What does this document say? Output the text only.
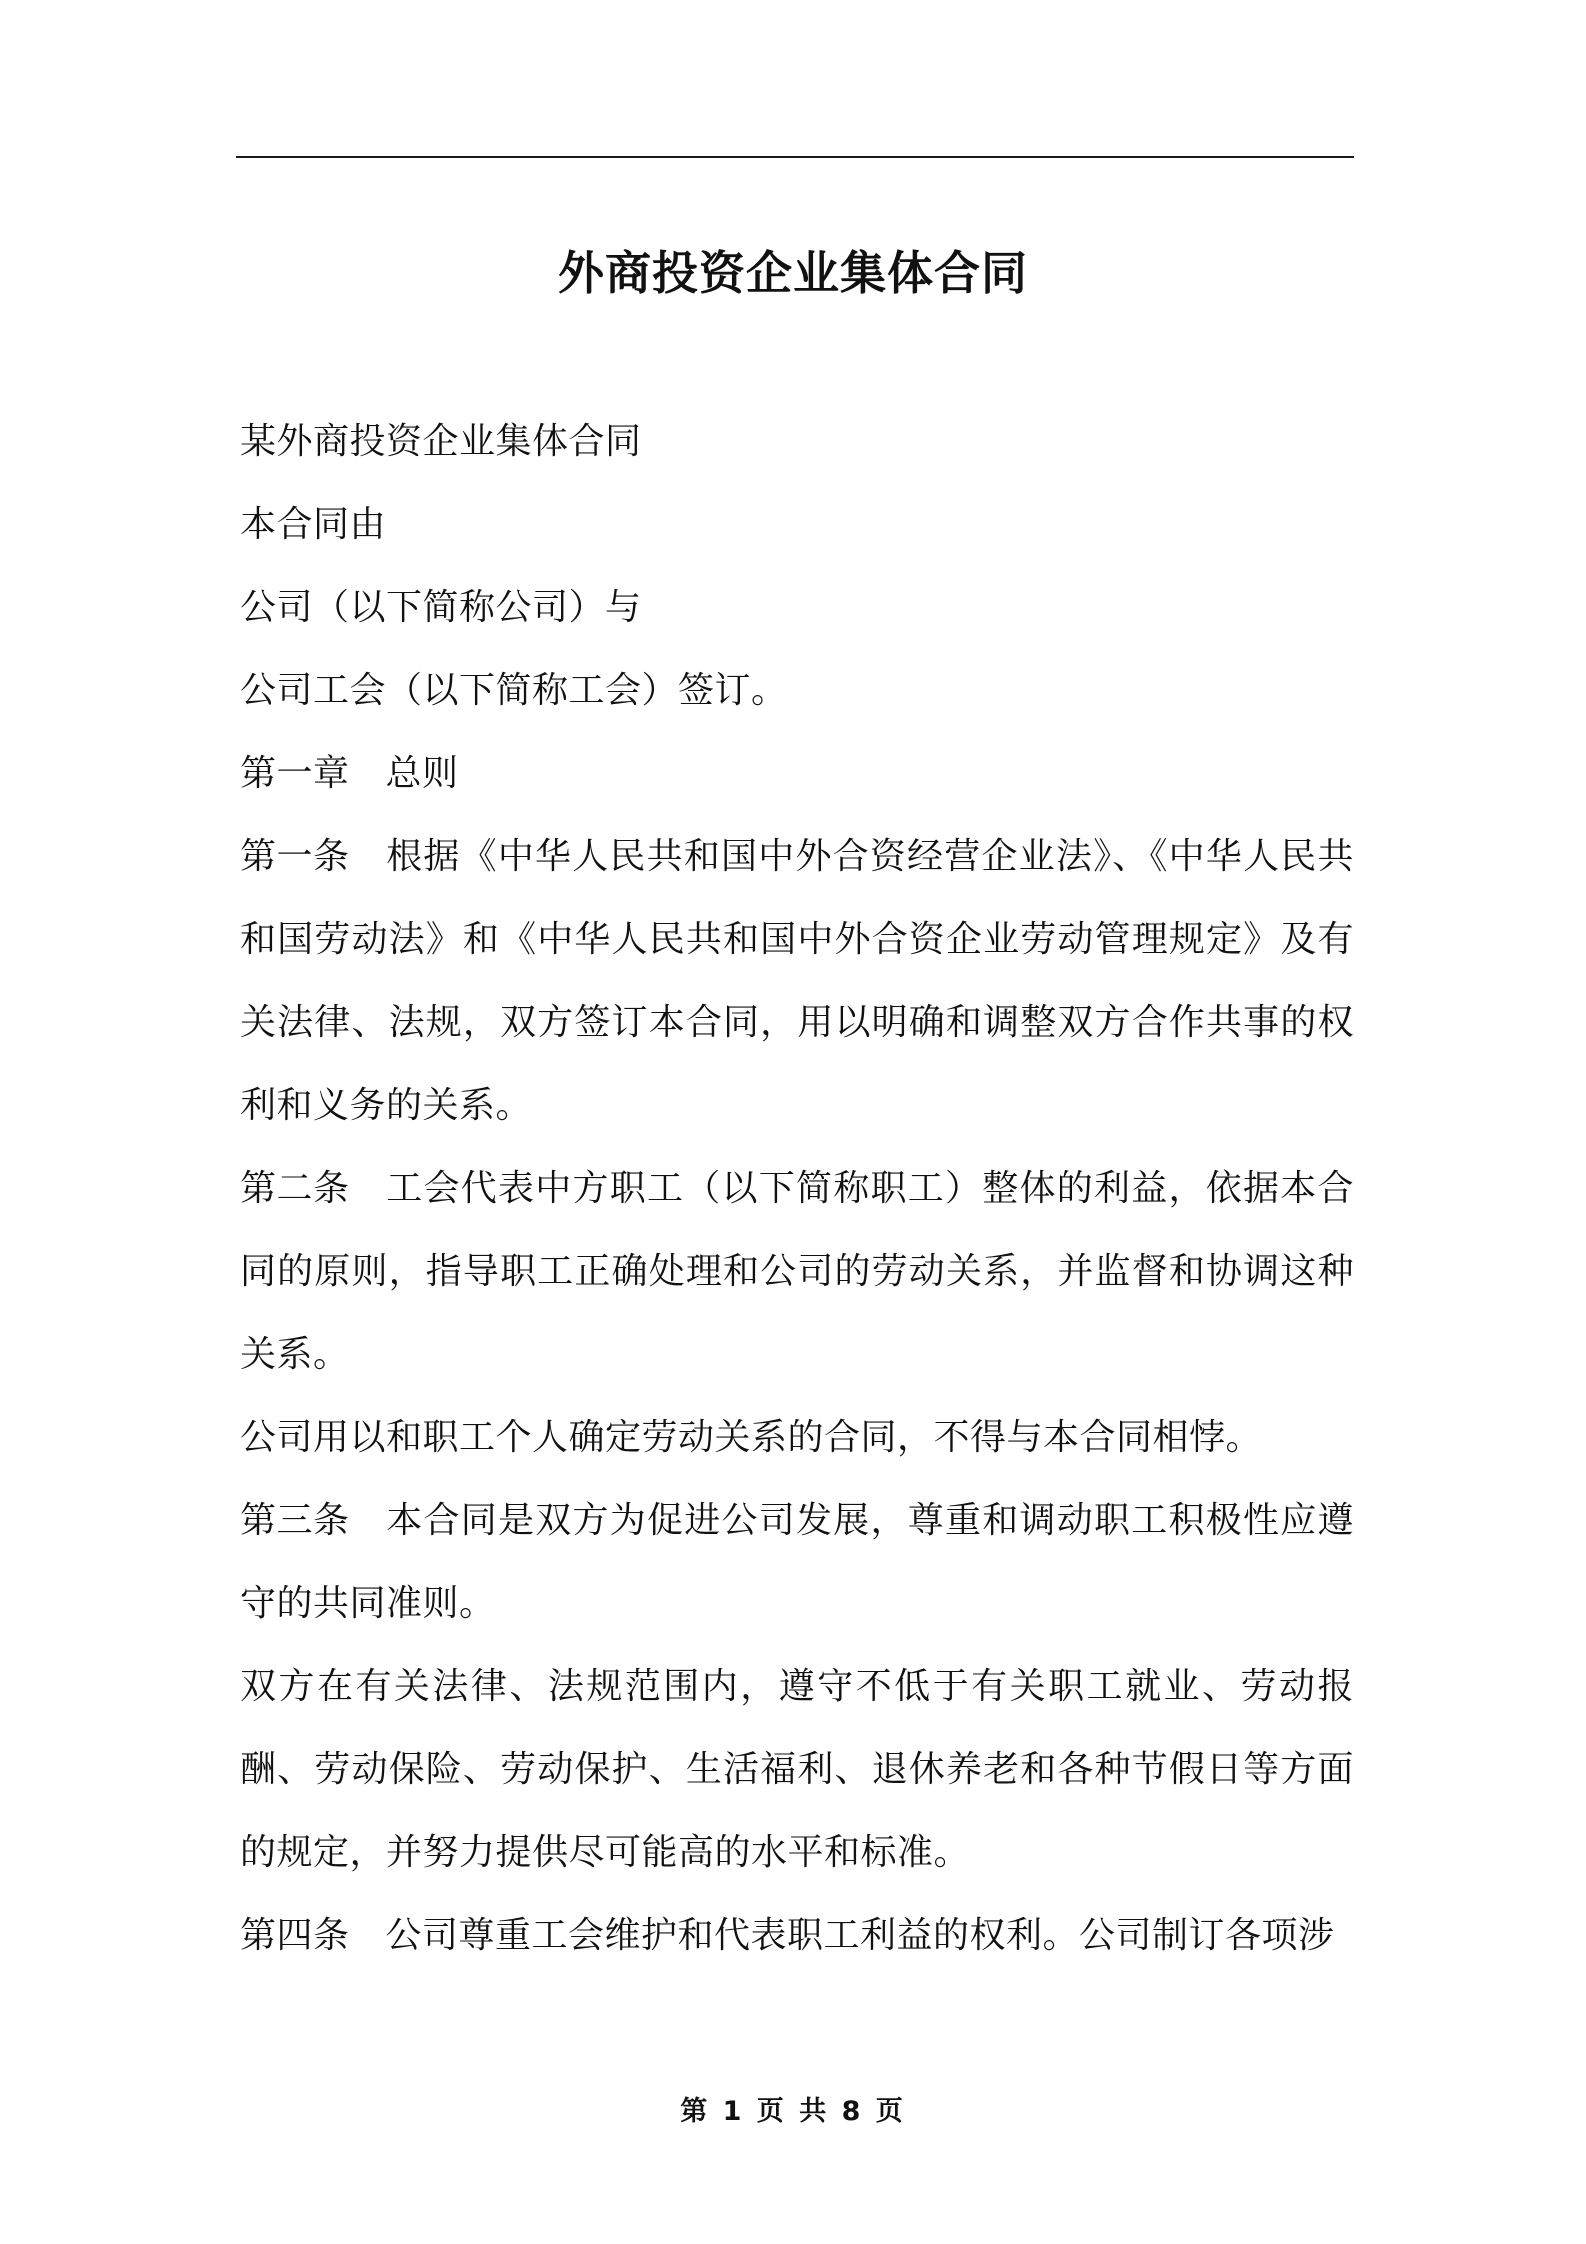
外商投资企业集体合同

某外商投资企业集体合同

本合同由

公司（以下简称公司）与

公司工会（以下简称工会）签订。

第一章 总则

第一条 根据《中华人民共和国中外合资经营企业法》、《中华人民共和国劳动法》和《中华人民共和国中外合资企业劳动管理规定》及有关法律、法规，双方签订本合同，用以明确和调整双方合作共事的权利和义务的关系。

第二条 工会代表中方职工（以下简称职工）整体的利益，依据本合同的原则，指导职工正确处理和公司的劳动关系，并监督和协调这种关系。

公司用以和职工个人确定劳动关系的合同，不得与本合同相悖。

第三条 本合同是双方为促进公司发展，尊重和调动职工积极性应遵守的共同准则。

双方在有关法律、法规范围内，遵守不低于有关职工就业、劳动报酬、劳动保险、劳动保护、生活福利、退休养老和各种节假日等方面的规定，并努力提供尽可能高的水平和标准。

第四条 公司尊重工会维护和代表职工利益的权利。公司制订各项涉

第 1 页 共 8 页
